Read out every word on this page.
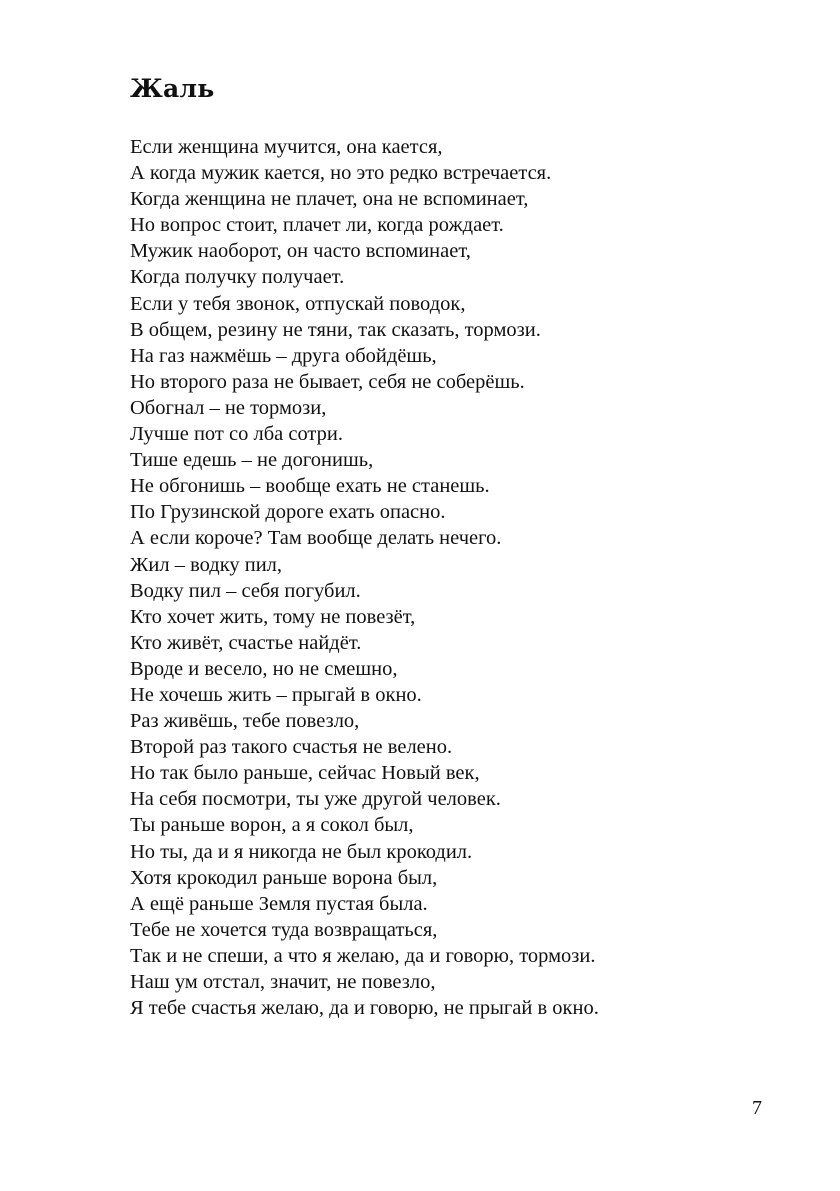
Жаль
Если женщина мучится, она кается,
А когда мужик кается, но это редко встречается.
Когда женщина не плачет, она не вспоминает,
Но вопрос стоит, плачет ли, когда рождает.
Мужик наоборот, он часто вспоминает,
Когда получку получает.
Если у тебя звонок, отпускай поводок,
В общем, резину не тяни, так сказать, тормози.
На газ нажмёшь – друга обойдёшь,
Но второго раза не бывает, себя не соберёшь.
Обогнал – не тормози,
Лучше пот со лба сотри.
Тише едешь – не догонишь,
Не обгонишь – вообще ехать не станешь.
По Грузинской дороге ехать опасно.
А если короче? Там вообще делать нечего.
Жил – водку пил,
Водку пил – себя погубил.
Кто хочет жить, тому не повезёт,
Кто живёт, счастье найдёт.
Вроде и весело, но не смешно,
Не хочешь жить – прыгай в окно.
Раз живёшь, тебе повезло,
Второй раз такого счастья не велено.
Но так было раньше, сейчас Новый век,
На себя посмотри, ты уже другой человек.
Ты раньше ворон, а я сокол был,
Но ты, да и я никогда не был крокодил.
Хотя крокодил раньше ворона был,
А ещё раньше Земля пустая была.
Тебе не хочется туда возвращаться,
Так и не спеши, а что я желаю, да и говорю, тормози.
Наш ум отстал, значит, не повезло,
Я тебе счастья желаю, да и говорю, не прыгай в окно.
7
